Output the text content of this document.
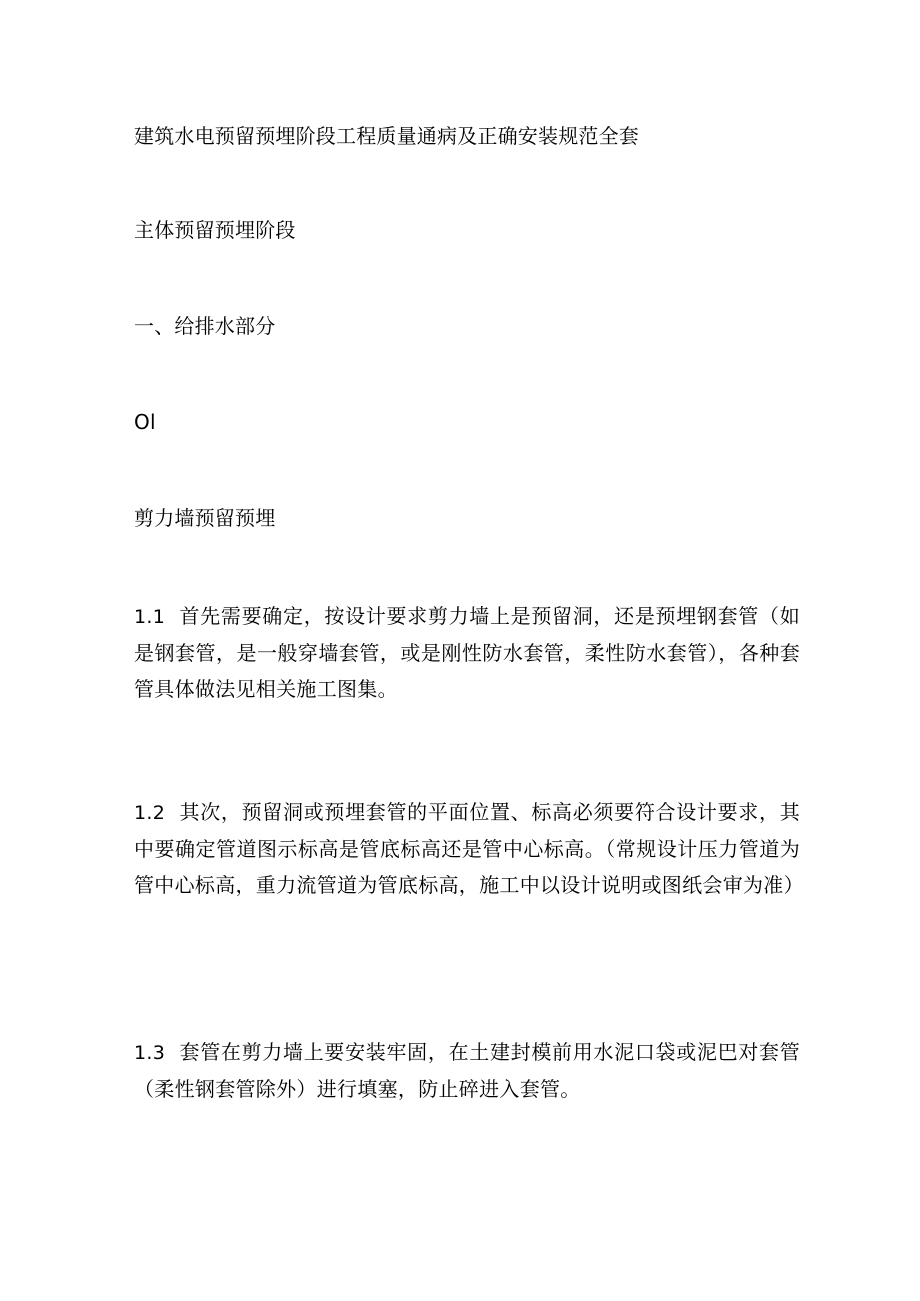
建筑水电预留预埋阶段工程质量通病及正确安装规范全套
主体预留预埋阶段
一、给排水部分
Ol
剪力墙预留预埋
1.1 首先需要确定，按设计要求剪力墙上是预留洞，还是预埋钢套管（如是钢套管，是一般穿墙套管，或是刚性防水套管，柔性防水套管），各种套管具体做法见相关施工图集。
1.2 其次，预留洞或预埋套管的平面位置、标高必须要符合设计要求，其中要确定管道图示标高是管底标高还是管中心标高。（常规设计压力管道为管中心标高，重力流管道为管底标高，施工中以设计说明或图纸会审为准）
1.3 套管在剪力墙上要安装牢固，在土建封模前用水泥口袋或泥巴对套管（柔性钢套管除外）进行填塞，防止碎进入套管。
